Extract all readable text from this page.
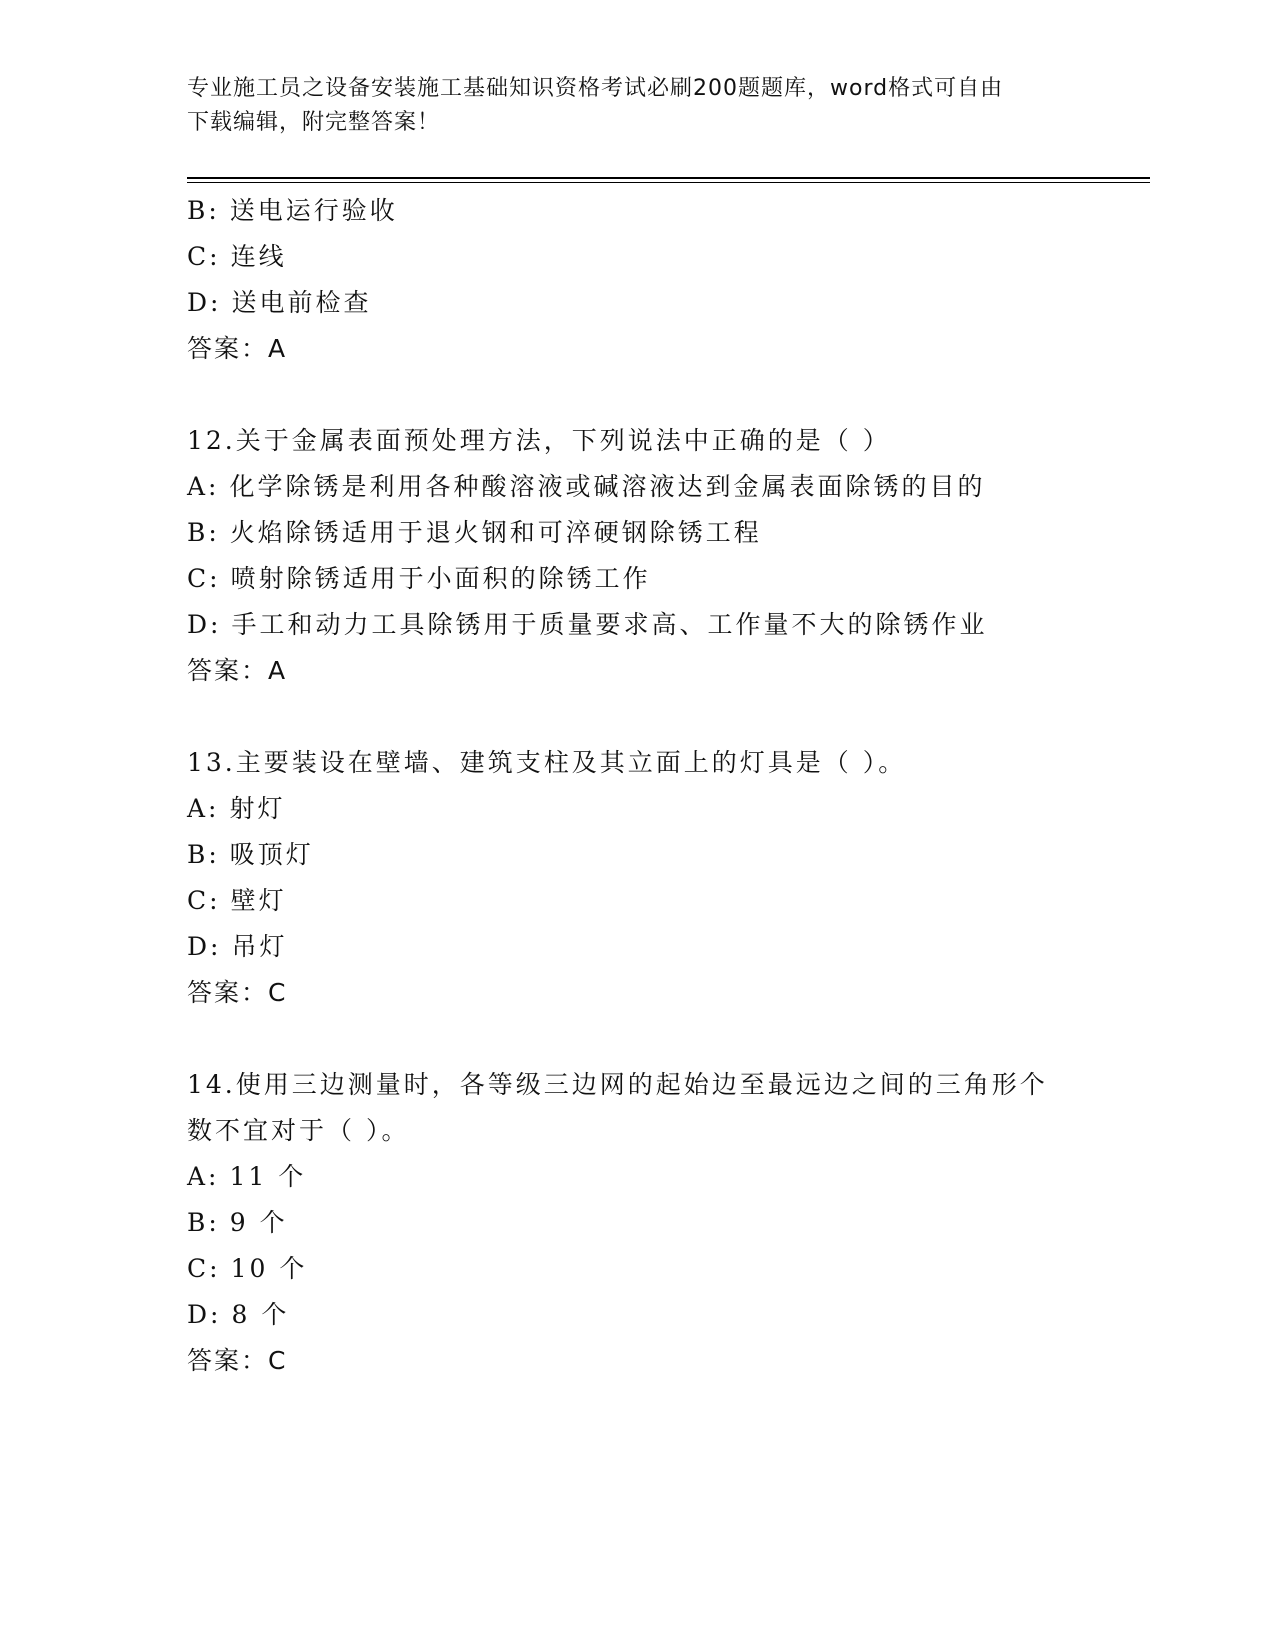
专业施工员之设备安装施工基础知识资格考试必刷200题题库，word格式可自由
下载编辑，附完整答案！
B: 送电运行验收
C: 连线
D: 送电前检查
答案：A
12.关于金属表面预处理方法，下列说法中正确的是（ ）
A: 化学除锈是利用各种酸溶液或碱溶液达到金属表面除锈的目的
B: 火焰除锈适用于退火钢和可淬硬钢除锈工程
C: 喷射除锈适用于小面积的除锈工作
D: 手工和动力工具除锈用于质量要求高、工作量不大的除锈作业
答案：A
13.主要装设在壁墙、建筑支柱及其立面上的灯具是（ ）。
A: 射灯
B: 吸顶灯
C: 壁灯
D: 吊灯
答案：C
14.使用三边测量时，各等级三边网的起始边至最远边之间的三角形个
数不宜对于（ ）。
A: 11 个
B: 9 个
C: 10 个
D: 8 个
答案：C
